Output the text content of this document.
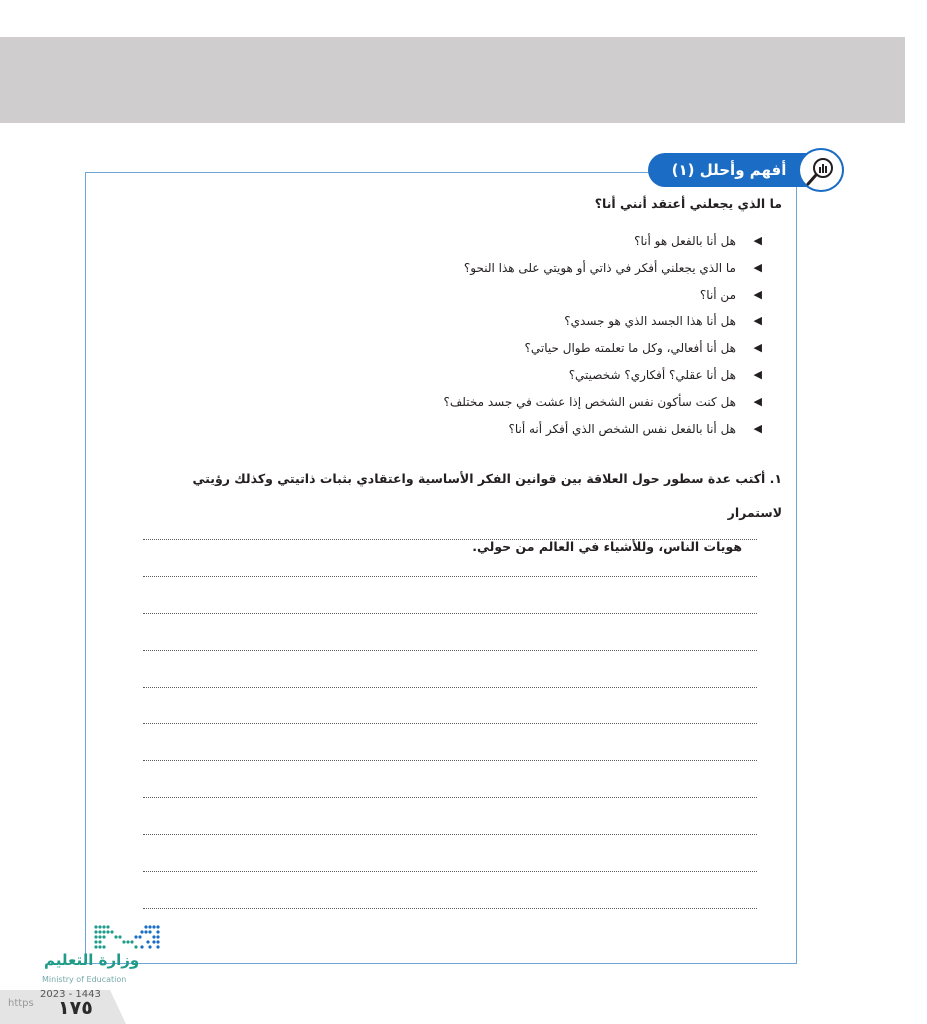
أفهم وأحلل (١)
ما الذي يجعلني أعتقد أنني أنا؟
◀
هل أنا بالفعل هو أنا؟
◀
ما الذي يجعلني أفكر في ذاتي أو هويتي على هذا النحو؟
◀
من أنا؟
◀
هل أنا هذا الجسد الذي هو جسدي؟
◀
هل أنا أفعالي، وكل ما تعلمته طوال حياتي؟
◀
هل أنا عقلي؟ أفكاري؟ شخصيتي؟
◀
هل كنت سأكون نفس الشخص إذا عشت في جسد مختلف؟
◀
هل أنا بالفعل نفس الشخص الذي أفكر أنه أنا؟
١. أكتب عدة سطور حول العلاقة بين قوانين الفكر الأساسية واعتقادي بثبات ذاتيتي وكذلك رؤيتي لاستمرار
هويات الناس، وللأشياء في العالم من حولي.
وزارة التعليم
Ministry of Education
https
2023 - 1443
١٧٥
